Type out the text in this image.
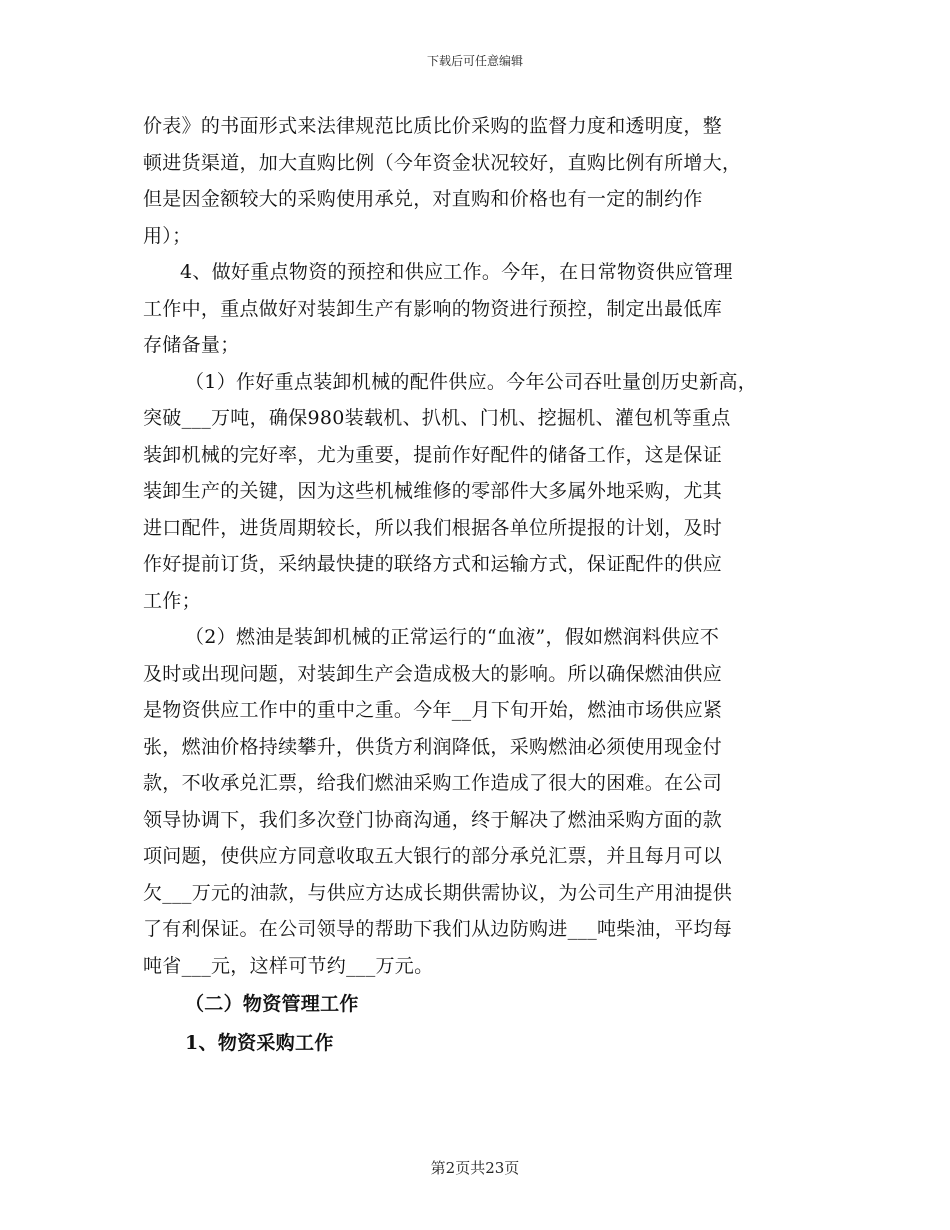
下载后可任意编辑
价表》的书面形式来法律规范比质比价采购的监督力度和透明度，整
顿进货渠道，加大直购比例（今年资金状况较好，直购比例有所增大，
但是因金额较大的采购使用承兑，对直购和价格也有一定的制约作
用）；
4、做好重点物资的预控和供应工作。今年，在日常物资供应管理
工作中，重点做好对装卸生产有影响的物资进行预控，制定出最低库
存储备量；
（1）作好重点装卸机械的配件供应。今年公司吞吐量创历史新高，
突破___万吨，确保980装载机、扒机、门机、挖掘机、灌包机等重点
装卸机械的完好率，尤为重要，提前作好配件的储备工作，这是保证
装卸生产的关键，因为这些机械维修的零部件大多属外地采购，尤其
进口配件，进货周期较长，所以我们根据各单位所提报的计划，及时
作好提前订货，采纳最快捷的联络方式和运输方式，保证配件的供应
工作；
（2）燃油是装卸机械的正常运行的“血液”，假如燃润料供应不
及时或出现问题，对装卸生产会造成极大的影响。所以确保燃油供应
是物资供应工作中的重中之重。今年__月下旬开始，燃油市场供应紧
张，燃油价格持续攀升，供货方利润降低，采购燃油必须使用现金付
款，不收承兑汇票，给我们燃油采购工作造成了很大的困难。在公司
领导协调下，我们多次登门协商沟通，终于解决了燃油采购方面的款
项问题，使供应方同意收取五大银行的部分承兑汇票，并且每月可以
欠___万元的油款，与供应方达成长期供需协议，为公司生产用油提供
了有利保证。在公司领导的帮助下我们从边防购进___吨柴油，平均每
吨省___元，这样可节约___万元。
（二）物资管理工作
1、物资采购工作
第2页共23页
